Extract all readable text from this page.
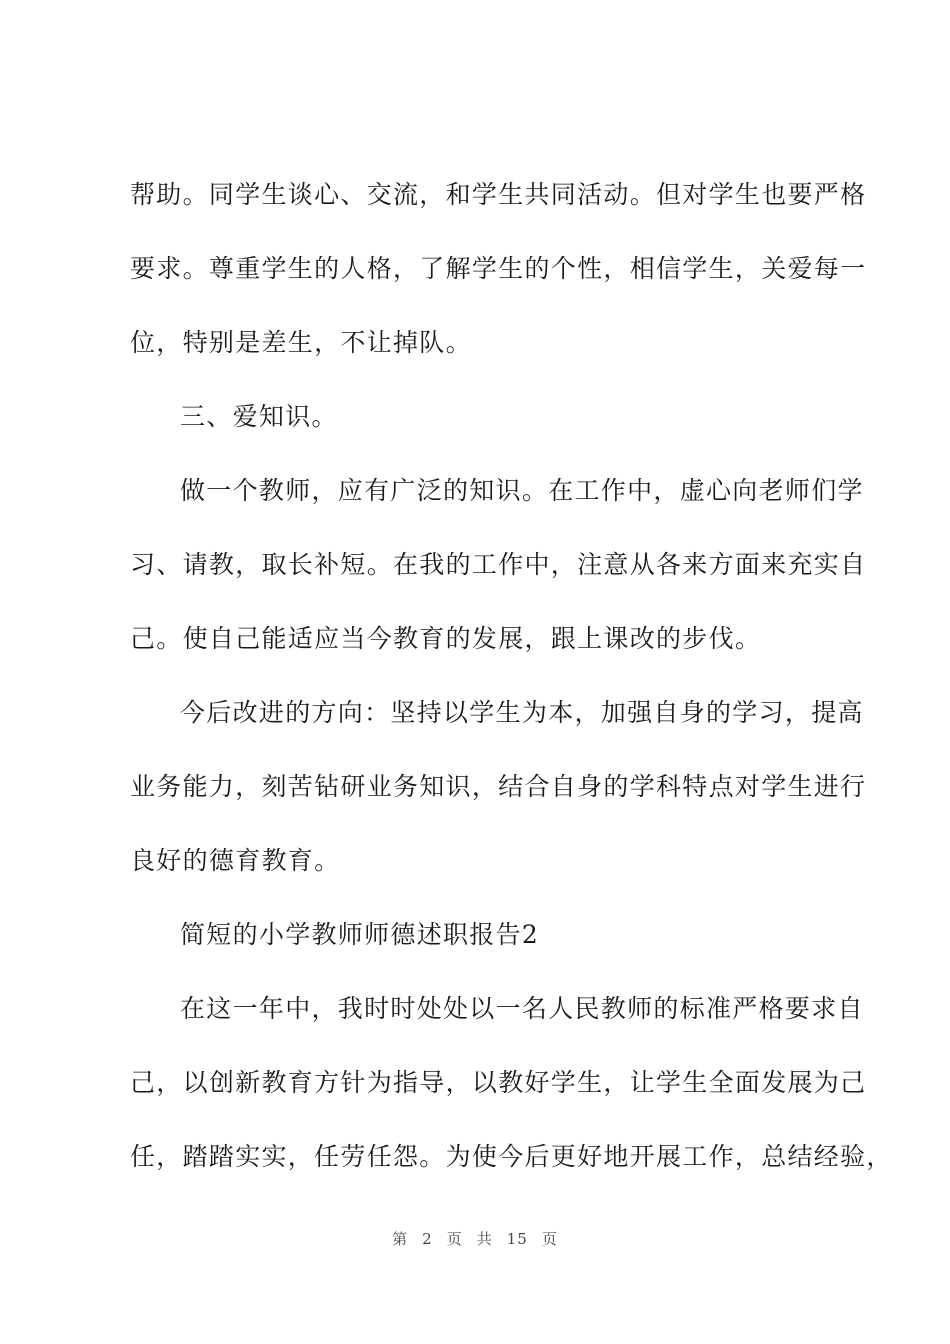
帮助。同学生谈心、交流，和学生共同活动。但对学生也要严格
要求。尊重学生的人格，了解学生的个性，相信学生，关爱每一
位，特别是差生，不让掉队。
三、爱知识。
做一个教师，应有广泛的知识。在工作中，虚心向老师们学
习、请教，取长补短。在我的工作中，注意从各来方面来充实自
己。使自己能适应当今教育的发展，跟上课改的步伐。
今后改进的方向：坚持以学生为本，加强自身的学习，提高
业务能力，刻苦钻研业务知识，结合自身的学科特点对学生进行
良好的德育教育。
简短的小学教师师德述职报告2
在这一年中，我时时处处以一名人民教师的标准严格要求自
己，以创新教育方针为指导，以教好学生，让学生全面发展为己
任，踏踏实实，任劳任怨。为使今后更好地开展工作，总结经验，
第 2 页 共 15 页
